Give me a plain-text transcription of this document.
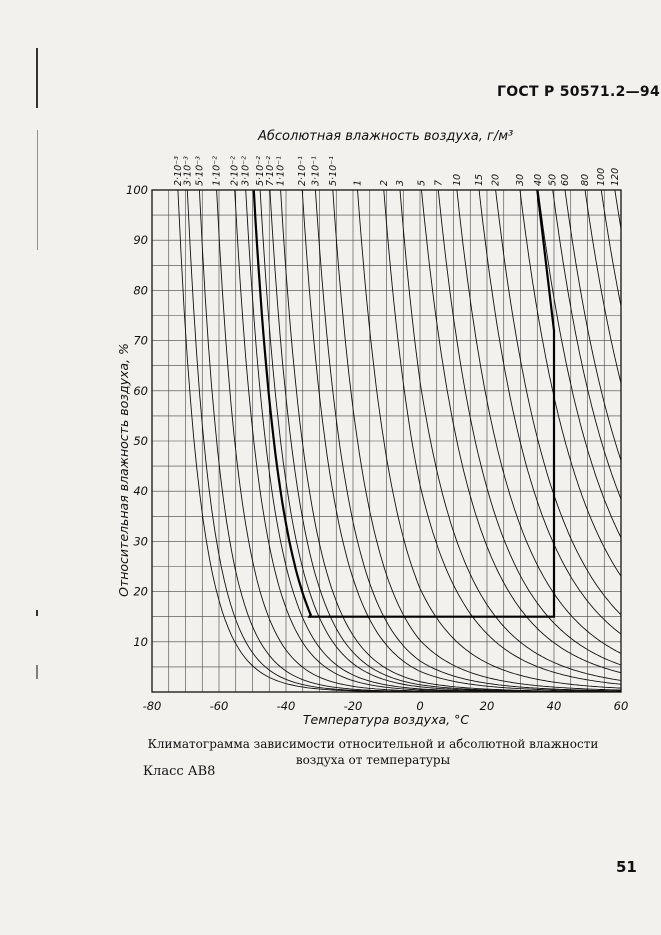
ГОСТ Р 50571.2—94
2·10⁻³
3·10⁻³ 5·10⁻³ 1·10⁻² 2·10⁻² 3·10⁻² 5·10⁻²
7·10⁻² 1·10⁻¹ 2·10⁻¹ 3·10⁻¹ 5·10⁻¹ 1 2 3 5 7 10 15 20 30 40 50 60 80 100 120
-80	-60	-40	-20	0	20	40	60
10
20
30
40
50
60
70
80
90
100
Абсолютная влажность воздуха, г/м³
Температура воздуха, °С
Относительная влажность воздуха, %
Климатограмма зависимости относительной и абсолютной влажности
воздуха от температуры
Класс АВ8
51
